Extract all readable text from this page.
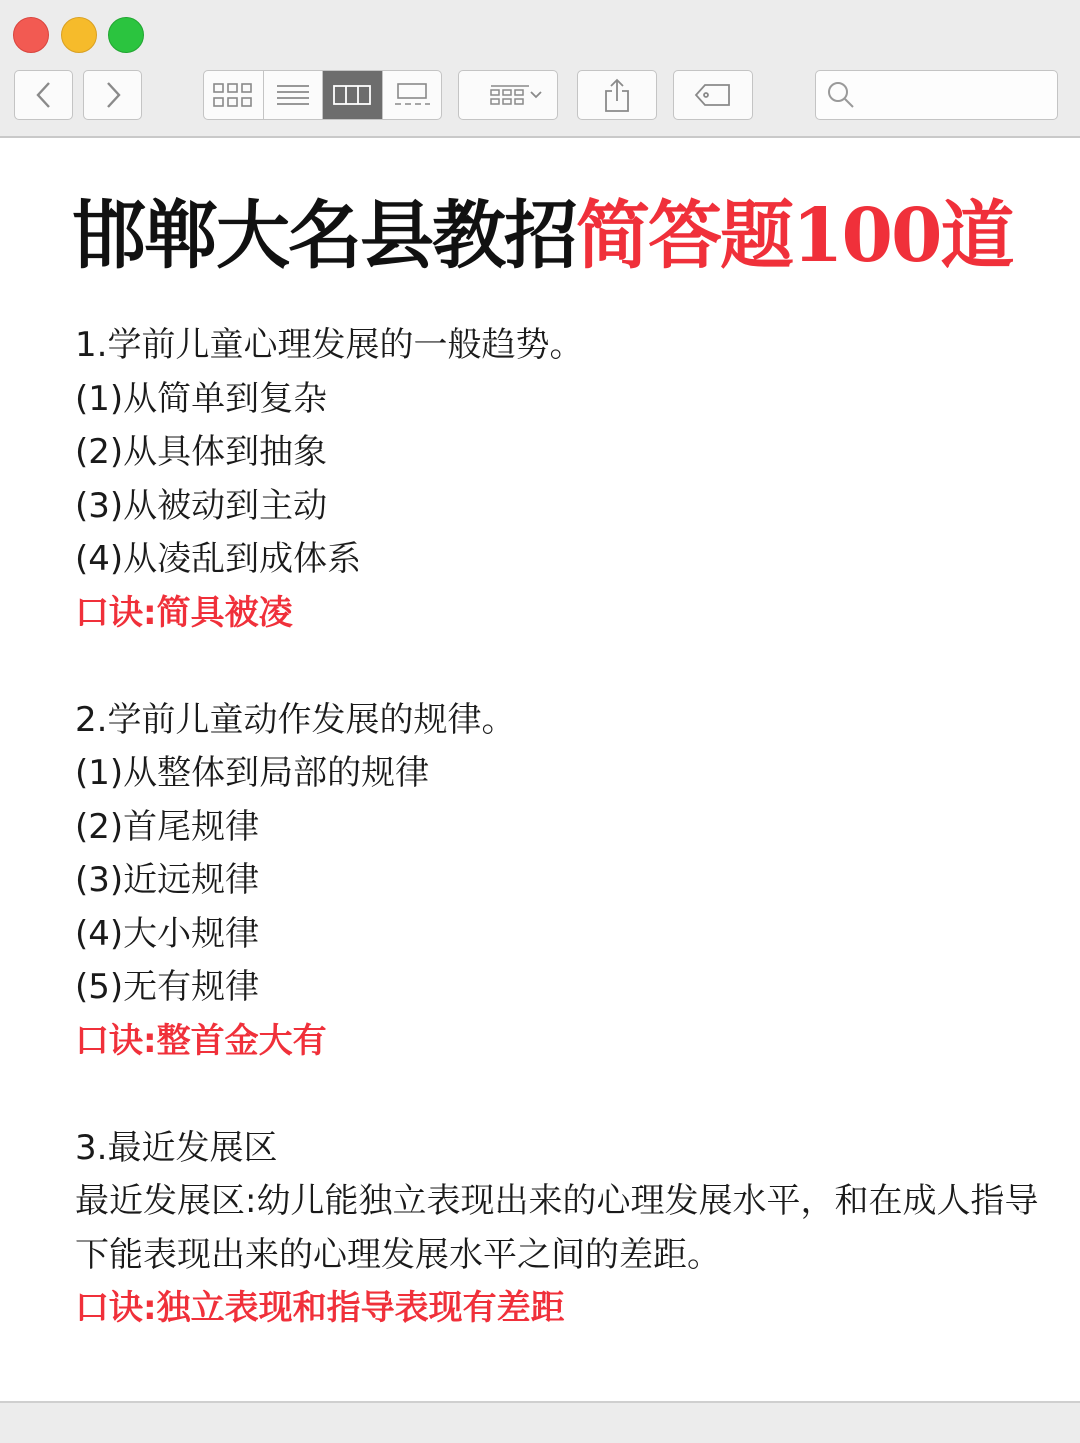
邯郸大名县教招简答题100道
1.学前儿童心理发展的一般趋势。
(1)从简单到复杂
(2)从具体到抽象
(3)从被动到主动
(4)从凌乱到成体系
口诀:简具被凌
2.学前儿童动作发展的规律。
(1)从整体到局部的规律
(2)首尾规律
(3)近远规律
(4)大小规律
(5)无有规律
口诀:整首金大有
3.最近发展区
最近发展区:幼儿能独立表现出来的心理发展水平，和在成人指导下能表现出来的心理发展水平之间的差距。
口诀:独立表现和指导表现有差距
